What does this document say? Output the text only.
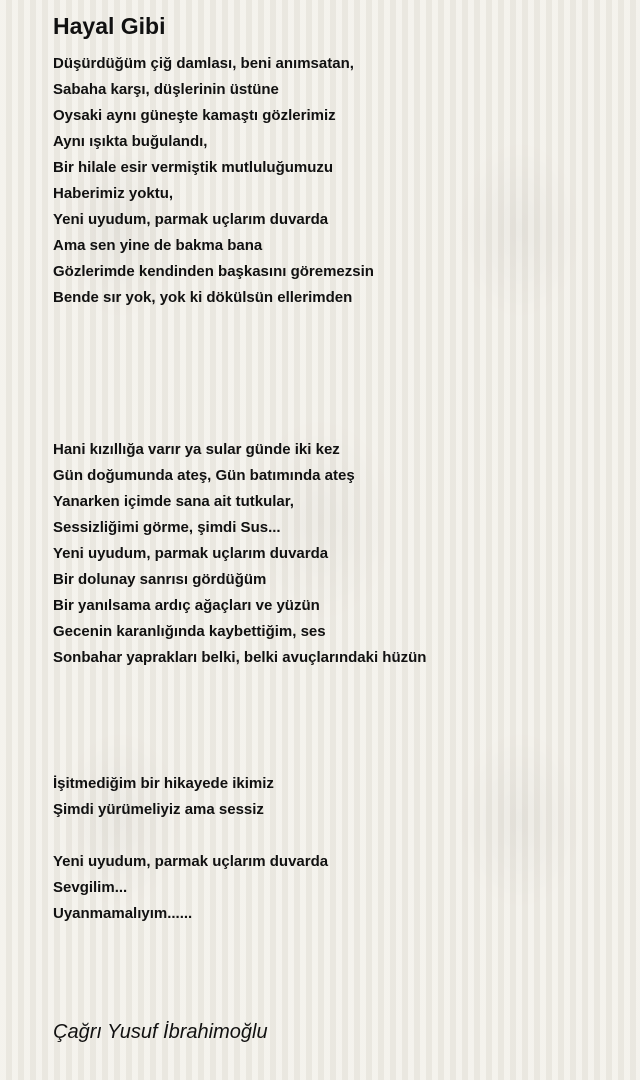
Hayal Gibi
Düşürdüğüm çiğ damlası, beni anımsatan,
Sabaha karşı, düşlerinin üstüne
Oysaki aynı güneşte kamaştı gözlerimiz
Aynı ışıkta buğulandı,
Bir hilale esir vermiştik mutluluğumuzu
Haberimiz yoktu,
Yeni uyudum, parmak uçlarım duvarda
Ama sen yine de bakma bana
Gözlerimde kendinden başkasını göremezsin
Bende sır yok, yok ki dökülsün ellerimden
Hani kızıllığa varır ya sular günde iki kez
Gün doğumunda ateş, Gün batımında ateş
Yanarken içimde sana ait tutkular,
Sessizliğimi görme, şimdi Sus...
Yeni uyudum, parmak uçlarım duvarda
Bir dolunay sanrısı gördüğüm
Bir yanılsama ardıç ağaçları ve yüzün
Gecenin karanlığında kaybettiğim, ses
Sonbahar yaprakları belki, belki avuçlarındaki hüzün
İşitmediğim bir hikayede ikimiz
Şimdi yürümeliyiz ama sessiz
Yeni uyudum, parmak uçlarım duvarda
Sevgilim...
Uyanmamalıyım......
Çağrı Yusuf İbrahimoğlu
